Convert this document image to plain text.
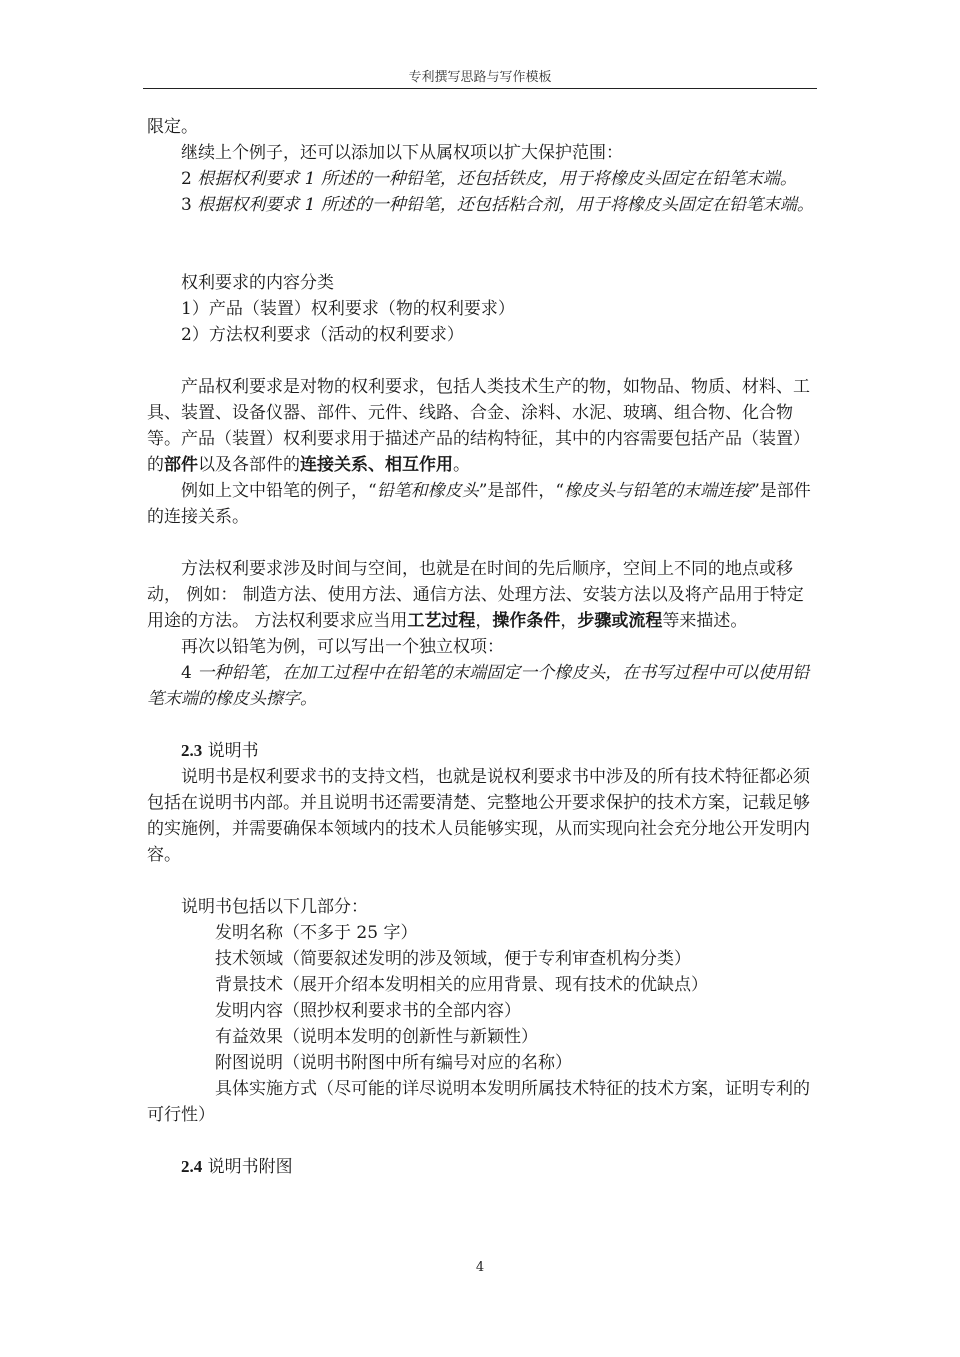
专利撰写思路与写作模板

限定。

继续上个例子，还可以添加以下从属权项以扩大保护范围：

2 根据权利要求 1 所述的一种铅笔，还包括铁皮，用于将橡皮头固定在铅笔末端。

3 根据权利要求 1 所述的一种铅笔，还包括粘合剂，用于将橡皮头固定在铅笔末端。

权利要求的内容分类

1）产品（装置）权利要求（物的权利要求）

2）方法权利要求（活动的权利要求）

产品权利要求是对物的权利要求，包括人类技术生产的物，如物品、物质、材料、工具、装置、设备仪器、部件、元件、线路、合金、涂料、水泥、玻璃、组合物、化合物等。产品（装置）权利要求用于描述产品的结构特征，其中的内容需要包括产品（装置）的部件以及各部件的连接关系、相互作用。

例如上文中铅笔的例子，“铅笔和橡皮头”是部件，“橡皮头与铅笔的末端连接”是部件的连接关系。

方法权利要求涉及时间与空间，也就是在时间的先后顺序，空间上不同的地点或移动， 例如： 制造方法、使用方法、通信方法、处理方法、安装方法以及将产品用于特定用途的方法。 方法权利要求应当用工艺过程，操作条件，步骤或流程等来描述。

再次以铅笔为例，可以写出一个独立权项：

4 一种铅笔，在加工过程中在铅笔的末端固定一个橡皮头，在书写过程中可以使用铅笔末端的橡皮头擦字。

2.3 说明书

说明书是权利要求书的支持文档，也就是说权利要求书中涉及的所有技术特征都必须包括在说明书内部。并且说明书还需要清楚、完整地公开要求保护的技术方案，记载足够的实施例，并需要确保本领域内的技术人员能够实现，从而实现向社会充分地公开发明内容。

说明书包括以下几部分：

发明名称（不多于 25 字）

技术领域（简要叙述发明的涉及领域，便于专利审查机构分类）

背景技术（展开介绍本发明相关的应用背景、现有技术的优缺点）

发明内容（照抄权利要求书的全部内容）

有益效果（说明本发明的创新性与新颖性）

附图说明（说明书附图中所有编号对应的名称）

具体实施方式（尽可能的详尽说明本发明所属技术特征的技术方案，证明专利的可行性）

2.4 说明书附图

4
